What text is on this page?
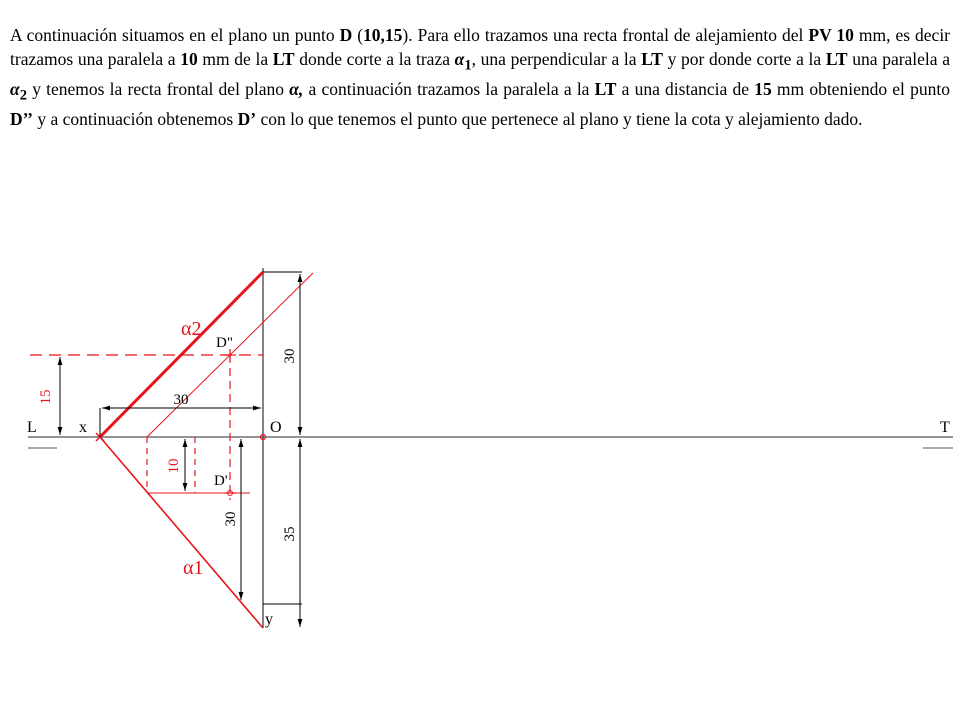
A continuación situamos en el plano un punto D (10,15). Para ello trazamos una recta frontal de alejamiento del PV 10 mm, es decir trazamos una paralela a 10 mm de la LT donde corte a la traza $\alpha_1$, una perpendicular a la LT y por donde corte a la LT una paralela a $\alpha_2$ y tenemos la recta frontal del plano α, a continuación trazamos la paralela a la LT a una distancia de 15 mm obteniendo el punto D’’ y a continuación obtenemos D’ con lo que tenemos el punto que pertenece al plano y tiene la cota y alejamiento dado.
15	30
30
35
10
30
L	T
x	O
y
α2
α1
D"
D'
